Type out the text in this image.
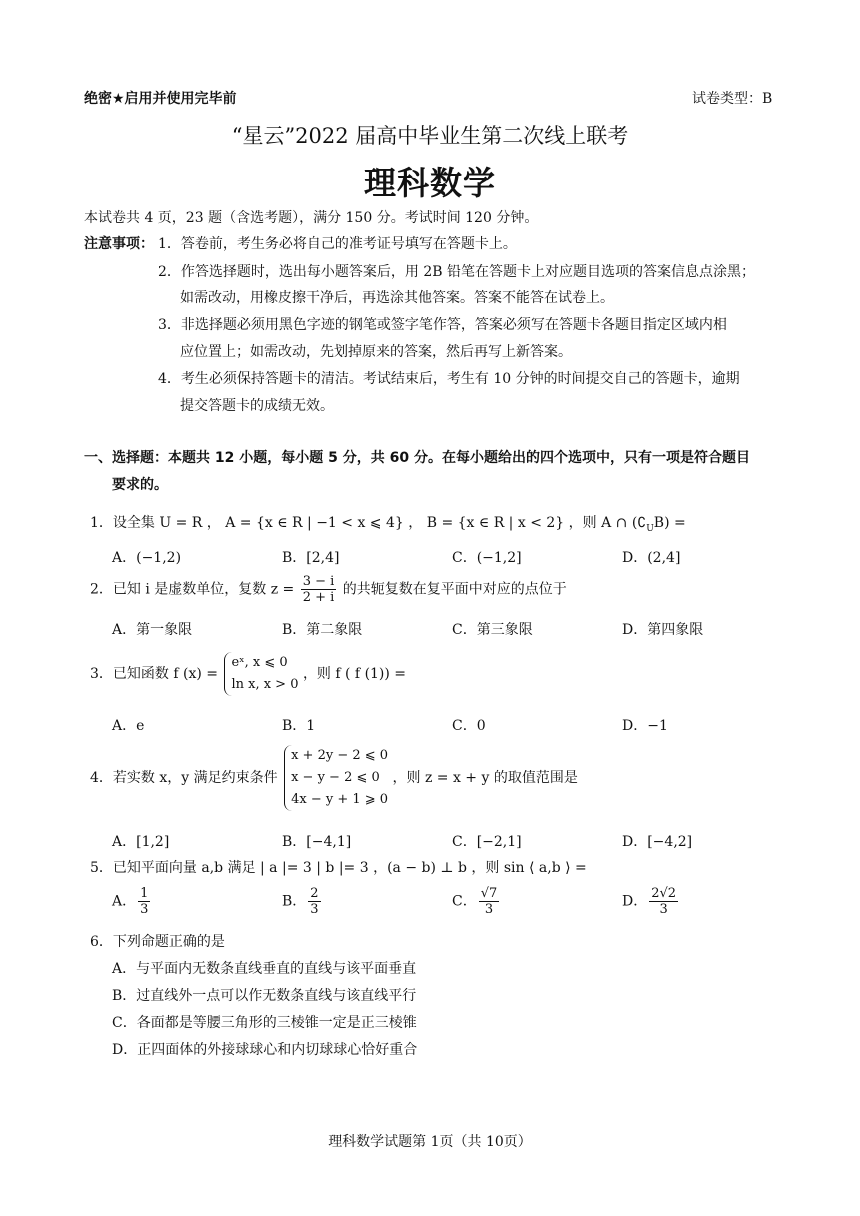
绝密★启用并使用完毕前	试卷类型：B
“星云”2022 届高中毕业生第二次线上联考
理科数学
本试卷共 4 页，23 题（含选考题），满分 150 分。考试时间 120 分钟。
注意事项： 1．答卷前，考生务必将自己的准考证号填写在答题卡上。
2．作答选择题时，选出每小题答案后，用 2B 铅笔在答题卡上对应题目选项的答案信息点涂黑；
如需改动，用橡皮擦干净后，再选涂其他答案。答案不能答在试卷上。
3．非选择题必须用黑色字迹的钢笔或签字笔作答，答案必须写在答题卡各题目指定区域内相
应位置上；如需改动，先划掉原来的答案，然后再写上新答案。
4．考生必须保持答题卡的清洁。考试结束后，考生有 10 分钟的时间提交自己的答题卡，逾期
提交答题卡的成绩无效。
一、选择题：本题共 12 小题，每小题 5 分，共 60 分。在每小题给出的四个选项中，只有一项是符合题目
要求的。
1．设全集 U = R ， A = {x ∈ R | −1 < x ⩽ 4} ， B = {x ∈ R | x < 2} ，则 A ∩ $(∁_UB)$ =
A．(−1,2)	B．[2,4]	C．(−1,2]	D．(2,4]
2．已知 i 是虚数单位，复数 $z = \frac{3 - i}{2 + i}$ 的共轭复数在复平面中对应的点位于
A．第一象限	B．第二象限	C．第三象限	D．第四象限
3．已知函数 f (x) =
eˣ, x ⩽ 0
ln x, x > 0
，则 f ( f (1)) =
A．e	B．1	C．0	D．−1
4．若实数 x，y 满足约束条件
x + 2y − 2 ⩽ 0
x − y − 2 ⩽ 0
4x − y + 1 ⩾ 0
，则 z = x + y 的取值范围是
A．[1,2]	B．[−4,1]	C．[−2,1]	D．[−4,2]
5．已知平面向量 a,b 满足 | a |= 3 | b |= 3 ，(a − b) ⊥ b ，则 sin ⟨ a,b ⟩ =
A． $\frac{1}{3}$	B． $\frac{2}{3}$	C． $\frac{√7}{3}$	D． $\frac{2√2}{3}$
6．下列命题正确的是
A．与平面内无数条直线垂直的直线与该平面垂直
B．过直线外一点可以作无数条直线与该直线平行
C．各面都是等腰三角形的三棱锥一定是正三棱锥
D．正四面体的外接球球心和内切球球心恰好重合
理科数学试题第 1页（共 10页）
